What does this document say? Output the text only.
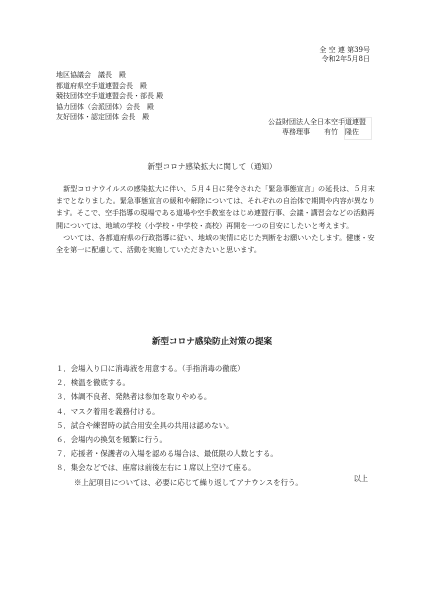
全 空 連 第39号
令和2年5月8日
地区協議会　議長　殿
都道府県空手道連盟会長　殿
競技団体空手道連盟会長・部長 殿
協力団体（会派団体）会長　殿
友好団体・認定団体 会長　殿
公益財団法人全日本空手道連盟
専務理事　　有竹　隆佐
新型コロナ感染拡大に関して（通知）

新型コロナウイルスの感染拡大に伴い、５月４日に発令された「緊急事態宣言」の延長は、５月末までとなりました。緊急事態宣言の緩和や解除については、それぞれの自治体で期間や内容が異なります。そこで、空手指導の現場である道場や空手教室をはじめ連盟行事、会議・講習会などの活動再開については、地域の学校（小学校・中学校・高校）再開を一つの目安にしたいと考えます。

ついては、各都道府県の行政指導に従い、地域の実情に応じた判断をお願いいたします。健康・安全を第一に配慮して、活動を実施していただきたいと思います。

新型コロナ感染防止対策の提案
１．会場入り口に消毒液を用意する。（手指消毒の徹底）
２．検温を徹底する。
３．体調不良者、発熱者は参加を取りやめる。
４．マスク着用を義務付ける。
５．試合や練習時の試合用安全具の共用は認めない。
６．会場内の換気を頻繁に行う。
７．応援者・保護者の入場を認める場合は、最低限の人数とする。
８．集会などでは、座席は前後左右に１席以上空けて座る。
※上記項目については、必要に応じて繰り返してアナウンスを行う。	以上
